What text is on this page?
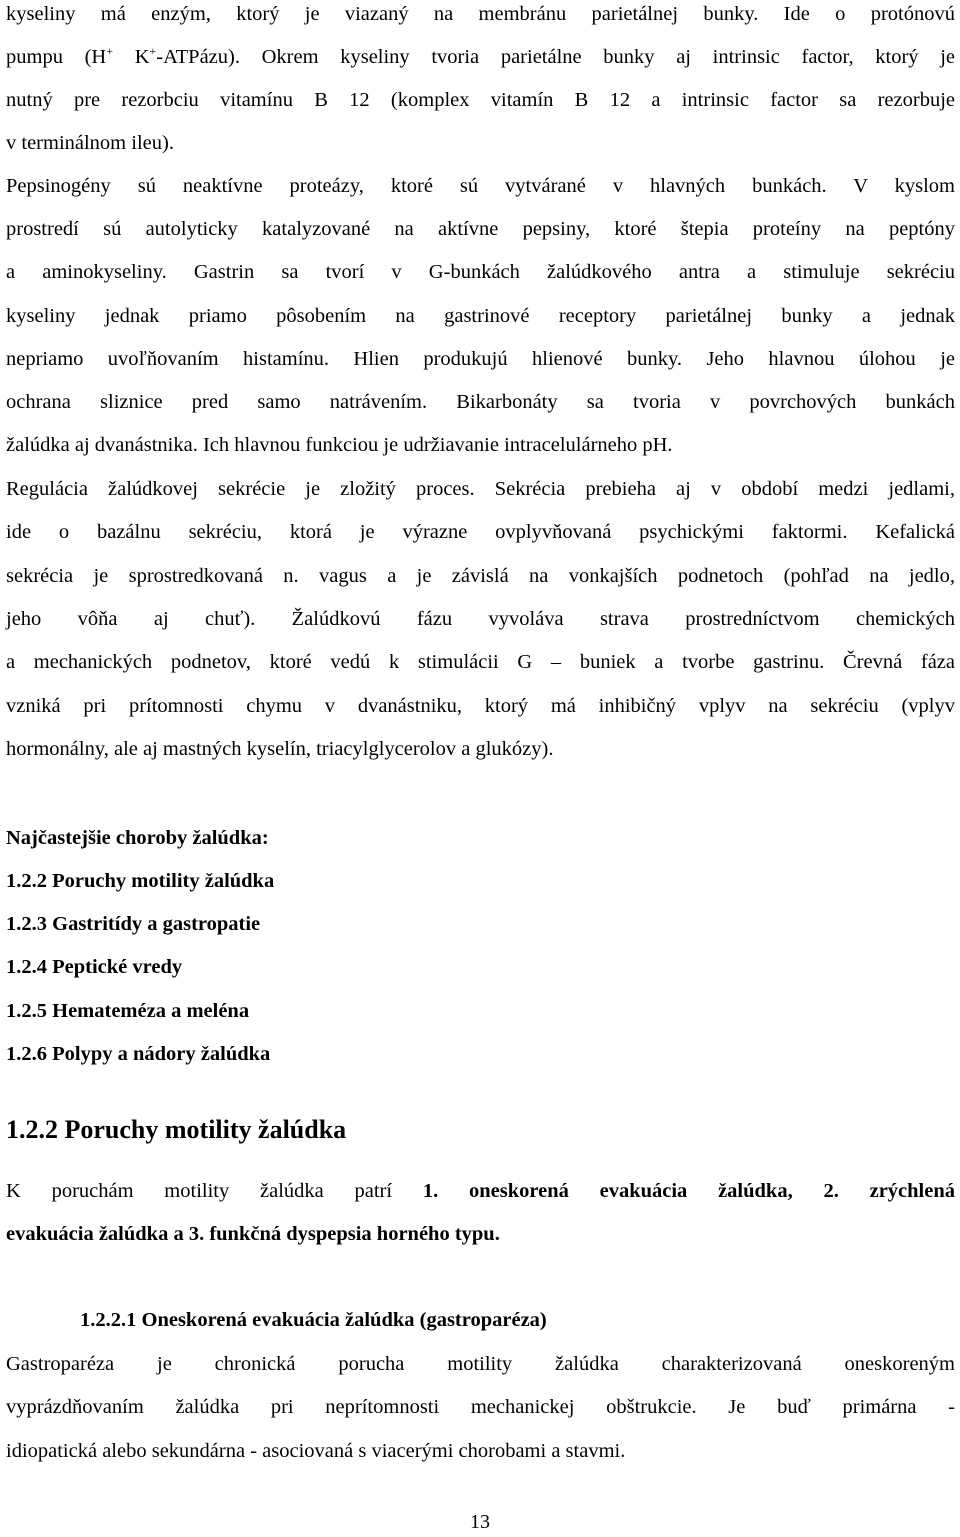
kyseliny má enzým, ktorý je viazaný na membránu parietálnej bunky. Ide o protónovú
pumpu (H+ K+-ATPázu). Okrem kyseliny tvoria parietálne bunky aj intrinsic factor, ktorý je
nutný pre rezorbciu vitamínu B 12 (komplex vitamín B 12 a intrinsic factor sa rezorbuje
v terminálnom ileu).
Pepsinogény sú neaktívne proteázy, ktoré sú vytvárané v hlavných bunkách. V kyslom
prostredí sú autolyticky katalyzované na aktívne pepsiny, ktoré štepia proteíny na peptóny
a aminokyseliny. Gastrin sa tvorí v G-bunkách žalúdkového antra a stimuluje sekréciu
kyseliny jednak priamo pôsobením na gastrinové receptory parietálnej bunky a jednak
nepriamo uvoľňovaním histamínu. Hlien produkujú hlienové bunky. Jeho hlavnou úlohou je
ochrana sliznice pred samo natrávením. Bikarbonáty sa tvoria v povrchových bunkách
žalúdka aj dvanástnika. Ich hlavnou funkciou je udržiavanie intracelulárneho pH.
Regulácia žalúdkovej sekrécie je zložitý proces. Sekrécia prebieha aj v období medzi jedlami,
ide o bazálnu sekréciu, ktorá je výrazne ovplyvňovaná psychickými faktormi. Kefalická
sekrécia je sprostredkovaná n. vagus a je závislá na vonkajších podnetoch (pohľad na jedlo,
jeho vôňa aj chuť). Žalúdkovú fázu vyvoláva strava prostredníctvom chemických
a mechanických podnetov, ktoré vedú k stimulácii G – buniek a tvorbe gastrinu. Črevná fáza
vzniká pri prítomnosti chymu v dvanástniku, ktorý má inhibičný vplyv na sekréciu (vplyv
hormonálny, ale aj mastných kyselín, triacylglycerolov a glukózy).
Najčastejšie choroby žalúdka:
1.2.2 Poruchy motility žalúdka
1.2.3 Gastritídy a gastropatie
1.2.4 Peptické vredy
1.2.5 Hematemézа a meléna
1.2.6 Polypy a nádory žalúdka
1.2.2 Poruchy motility žalúdka
K poruchám motility žalúdka patrí 1. oneskorená evakuácia žalúdka, 2. zrýchlená
evakuácia žalúdka a 3. funkčná dyspepsia horného typu.
1.2.2.1 Oneskorená evakuácia žalúdka (gastroparéza)
Gastroparéza je chronická porucha motility žalúdka charakterizovaná oneskoreným
vyprázdňovaním žalúdka pri neprítomnosti mechanickej obštrukcie. Je buď primárna -
idiopatická alebo sekundárna - asociovaná s viacerými chorobami a stavmi.
13
